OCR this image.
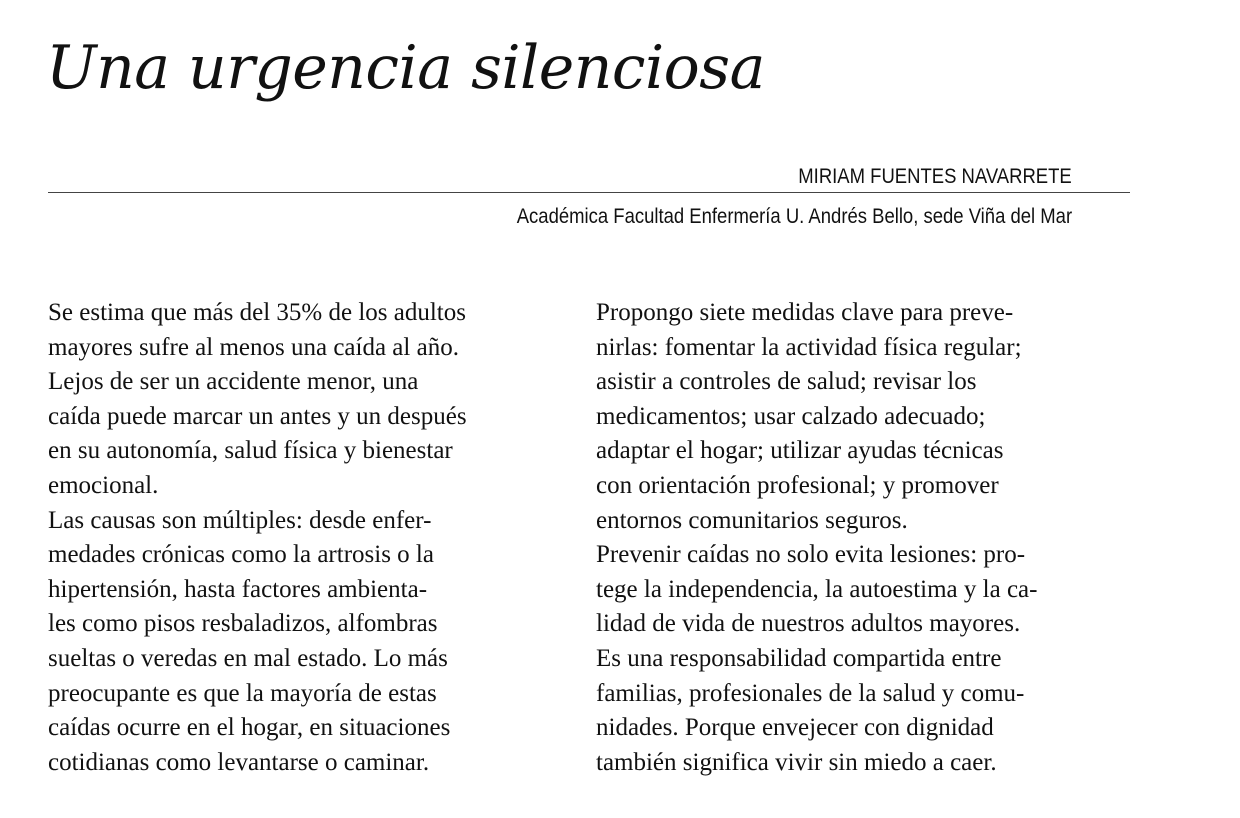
Una urgencia silenciosa
MIRIAM FUENTES NAVARRETE
Académica Facultad Enfermería U. Andrés Bello, sede Viña del Mar
Se estima que más del 35% de los adultos
mayores sufre al menos una caída al año.
Lejos de ser un accidente menor, una
caída puede marcar un antes y un después
en su autonomía, salud física y bienestar
emocional.
Las causas son múltiples: desde enfer-
medades crónicas como la artrosis o la
hipertensión, hasta factores ambienta-
les como pisos resbaladizos, alfombras
sueltas o veredas en mal estado. Lo más
preocupante es que la mayoría de estas
caídas ocurre en el hogar, en situaciones
cotidianas como levantarse o caminar.
Propongo siete medidas clave para preve-
nirlas: fomentar la actividad física regular;
asistir a controles de salud; revisar los
medicamentos; usar calzado adecuado;
adaptar el hogar; utilizar ayudas técnicas
con orientación profesional; y promover
entornos comunitarios seguros.
Prevenir caídas no solo evita lesiones: pro-
tege la independencia, la autoestima y la ca-
lidad de vida de nuestros adultos mayores.
Es una responsabilidad compartida entre
familias, profesionales de la salud y comu-
nidades. Porque envejecer con dignidad
también significa vivir sin miedo a caer.
